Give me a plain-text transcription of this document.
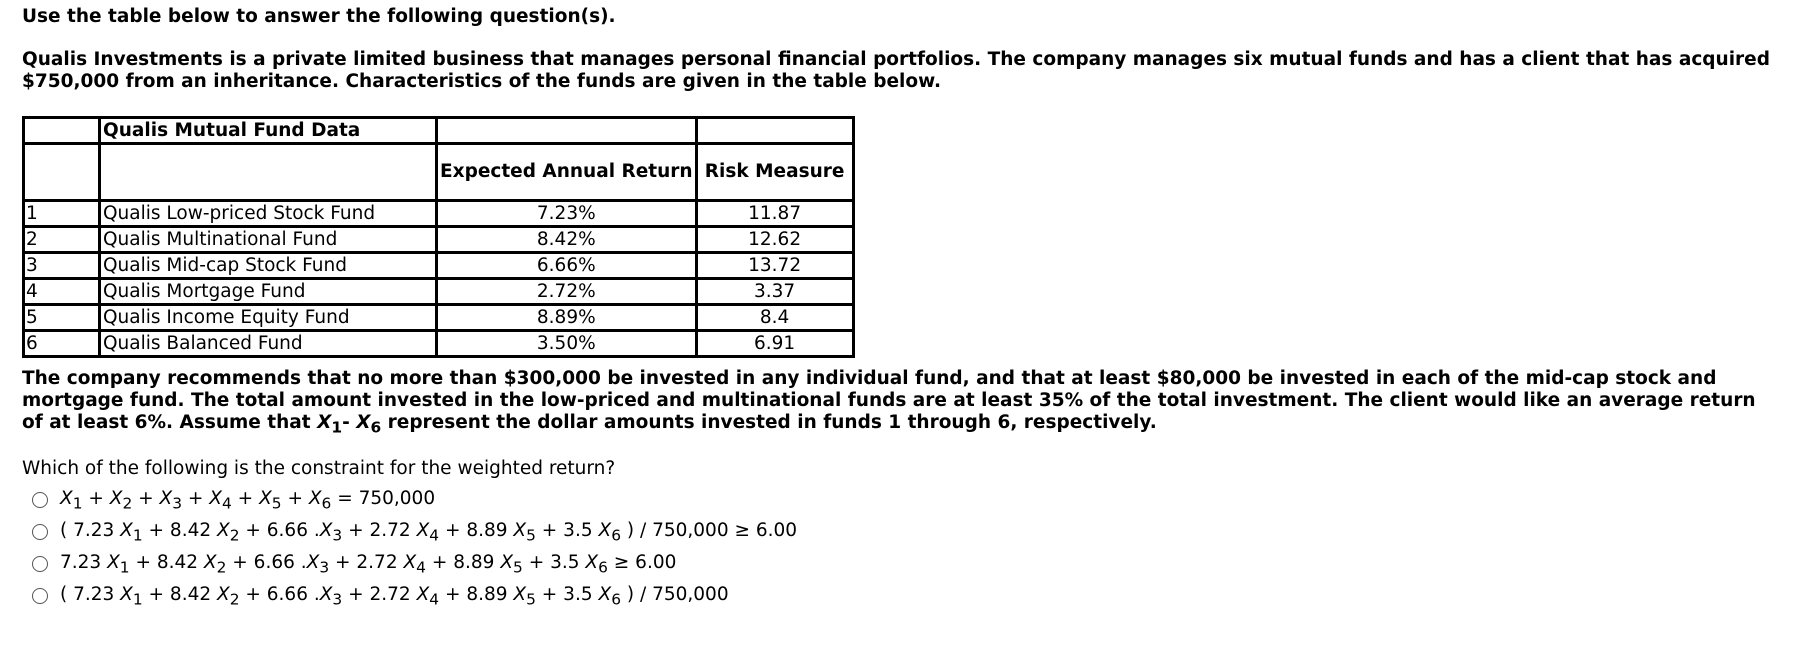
Use the table below to answer the following question(s).
Qualis Investments is a private limited business that manages personal financial portfolios. The company manages six mutual funds and has a client that has acquired $750,000 from an inheritance. Characteristics of the funds are given in the table below.
	Qualis Mutual Fund Data		
		Expected Annual Return	Risk Measure
1	Qualis Low-priced Stock Fund	7.23%	11.87
2	Qualis Multinational Fund	8.42%	12.62
3	Qualis Mid-cap Stock Fund	6.66%	13.72
4	Qualis Mortgage Fund	2.72%	3.37
5	Qualis Income Equity Fund	8.89%	8.4
6	Qualis Balanced Fund	3.50%	6.91
The company recommends that no more than $300,000 be invested in any individual fund, and that at least $80,000 be invested in each of the mid-cap stock and mortgage fund. The total amount invested in the low-priced and multinational funds are at least 35% of the total investment. The client would like an average return of at least 6%. Assume that $X_1-$ $X_6$ represent the dollar amounts invested in funds 1 through 6, respectively.
Which of the following is the constraint for the weighted return?
$X_1 + X_2 + X_3 + X_4 + X_5 + X_6 = 750,000$
( 7.23 $X_1 + 8.42$ $X_2 + 6.66$ $.X_3 + 2.72$ $X_4 + 8.89$ $X_5 + 3.5$ $X_6$ ) / 750,000 ≥ 6.00
7.23 $X_1 + 8.42$ $X_2 + 6.66$ $.X_3 + 2.72$ $X_4 + 8.89$ $X_5 + 3.5$ $X_6 \ge 6.00$
( 7.23 $X_1 + 8.42$ $X_2 + 6.66$ $.X_3 + 2.72$ $X_4 + 8.89$ $X_5 + 3.5$ $X_6$ ) / 750,000
